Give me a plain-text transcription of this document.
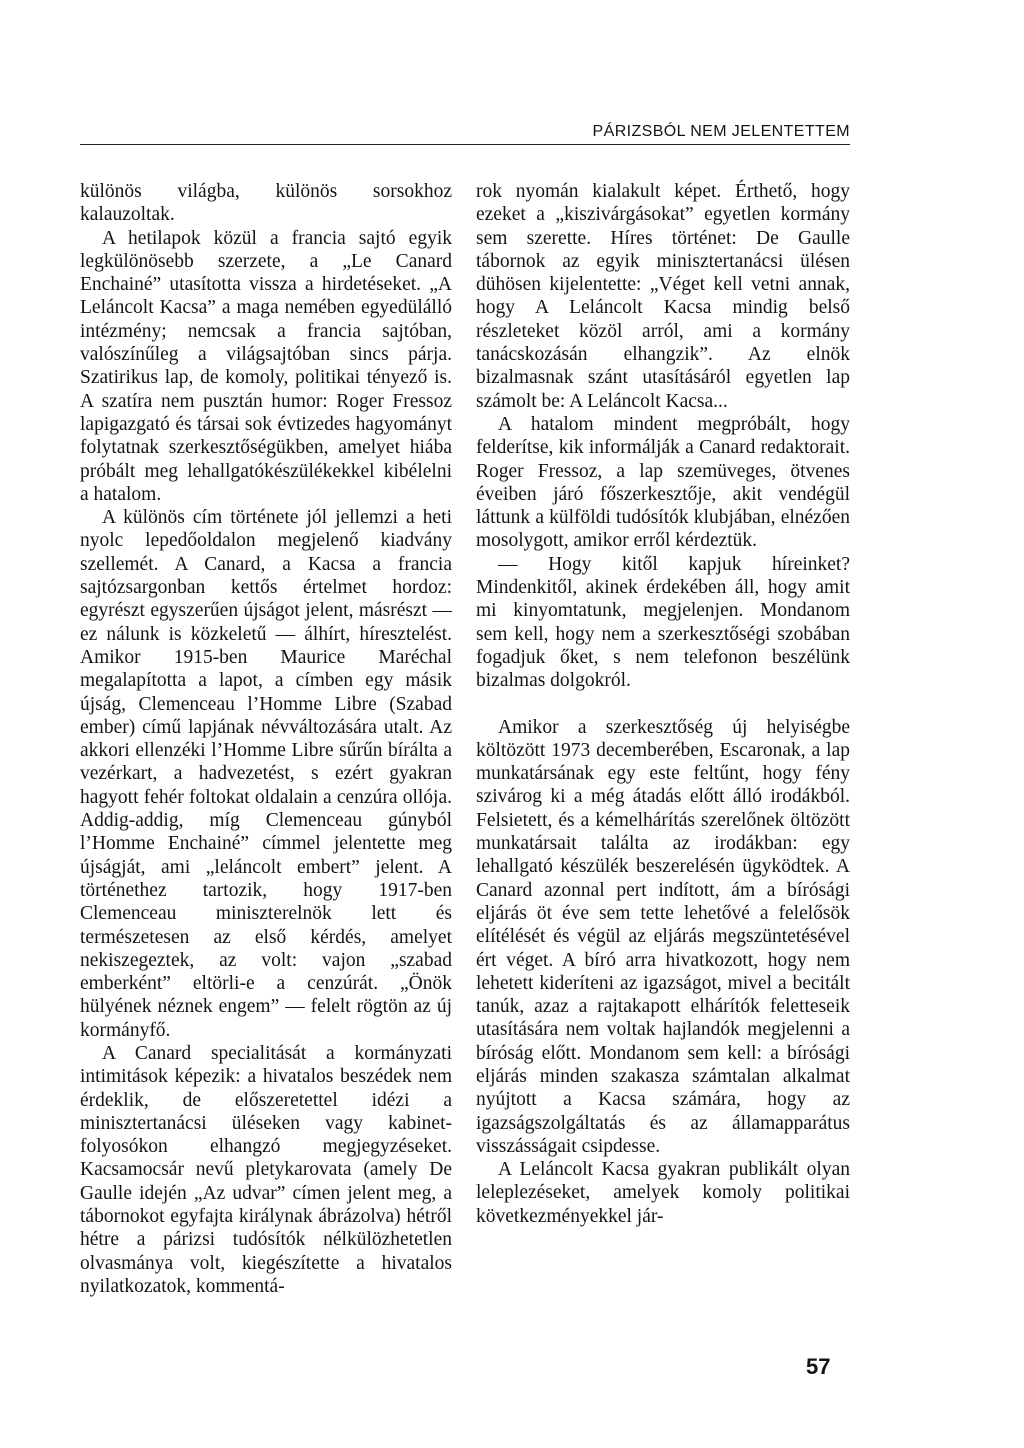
PÁRIZSBÓL NEM JELENTETTEM

különös világba, különös sorsokhoz kalauzoltak.

A hetilapok közül a francia sajtó egyik legkülönösebb szerzete, a „Le Canard Enchainé” utasította vissza a hirdetéseket. „A Leláncolt Kacsa” a maga nemében egyedülálló intézmény; nemcsak a francia sajtóban, valószínűleg a világsajtóban sincs párja. Szatirikus lap, de komoly, politikai tényező is. A szatíra nem pusztán humor: Roger Fressoz lapigazgató és társai sok évtizedes hagyományt folytatnak szerkesztőségükben, amelyet hiába próbált meg lehallgatókészülékekkel kibélelni a hatalom.

A különös cím története jól jellemzi a heti nyolc lepedőoldalon megjelenő kiadvány szellemét. A Canard, a Kacsa a francia sajtózsargonban kettős értelmet hordoz: egyrészt egyszerűen újságot jelent, másrészt — ez nálunk is közkeletű — álhírt, híresztelést. Amikor 1915-ben Maurice Maréchal megalapította a lapot, a címben egy másik újság, Clemenceau l’Homme Libre (Szabad ember) című lapjának névváltozására utalt. Az akkori ellenzéki l’Homme Libre sűrűn bírálta a vezérkart, a hadvezetést, s ezért gyakran hagyott fehér foltokat oldalain a cenzúra ollója. Addig-addig, míg Clemenceau gúnyból l’Homme Enchainé” címmel jelentette meg újságját, ami „leláncolt embert” jelent. A történethez tartozik, hogy 1917-ben Clemenceau miniszterelnök lett és természetesen az első kérdés, amelyet nekiszegeztek, az volt: vajon „szabad emberként” eltörli-e a cenzúrát. „Önök hülyének néznek engem” — felelt rögtön az új kormányfő.

A Canard specialitását a kormányzati intimitások képezik: a hivatalos beszédek nem érdeklik, de előszeretettel idézi a minisztertanácsi üléseken vagy kabinet-folyosókon elhangzó megjegyzéseket. Kacsamocsár nevű pletykarovata (amely De Gaulle idején „Az udvar” címen jelent meg, a tábornokot egyfajta királynak ábrázolva) hétről hétre a párizsi tudósítók nélkülözhetetlen olvasmánya volt, kiegészítette a hivatalos nyilatkozatok, kommentá-

rok nyomán kialakult képet. Érthető, hogy ezeket a „kiszivárgásokat” egyetlen kormány sem szerette. Híres történet: De Gaulle tábornok az egyik minisztertanácsi ülésen dühösen kijelentette: „Véget kell vetni annak, hogy A Leláncolt Kacsa mindig belső részleteket közöl arról, ami a kormány tanácskozásán elhangzik”. Az elnök bizalmasnak szánt utasításáról egyetlen lap számolt be: A Leláncolt Kacsa...

A hatalom mindent megpróbált, hogy felderítse, kik informálják a Canard redaktorait. Roger Fressoz, a lap szemüveges, ötvenes éveiben járó főszerkesztője, akit vendégül láttunk a külföldi tudósítók klubjában, elnézően mosolygott, amikor erről kérdeztük.

— Hogy kitől kapjuk híreinket? Mindenkitől, akinek érdekében áll, hogy amit mi kinyomtatunk, megjelenjen. Mondanom sem kell, hogy nem a szerkesztőségi szobában fogadjuk őket, s nem telefonon beszélünk bizalmas dolgokról.

Amikor a szerkesztőség új helyiségbe költözött 1973 decemberében, Escaronak, a lap munkatársának egy este feltűnt, hogy fény szivárog ki a még átadás előtt álló irodákból. Felsietett, és a kémelhárítás szerelőnek öltözött munkatársait találta az irodákban: egy lehallgató készülék beszerelésén ügyködtek. A Canard azonnal pert indított, ám a bírósági eljárás öt éve sem tette lehetővé a felelősök elítélését és végül az eljárás megszüntetésével ért véget. A bíró arra hivatkozott, hogy nem lehetett kideríteni az igazságot, mivel a becitált tanúk, azaz a rajtakapott elhárítók feletteseik utasítására nem voltak hajlandók megjelenni a bíróság előtt. Mondanom sem kell: a bírósági eljárás minden szakasza számtalan alkalmat nyújtott a Kacsa számára, hogy az igazságszolgáltatás és az államapparátus visszásságait csipdesse.

A Leláncolt Kacsa gyakran publikált olyan leleplezéseket, amelyek komoly politikai következményekkel jár-

57
